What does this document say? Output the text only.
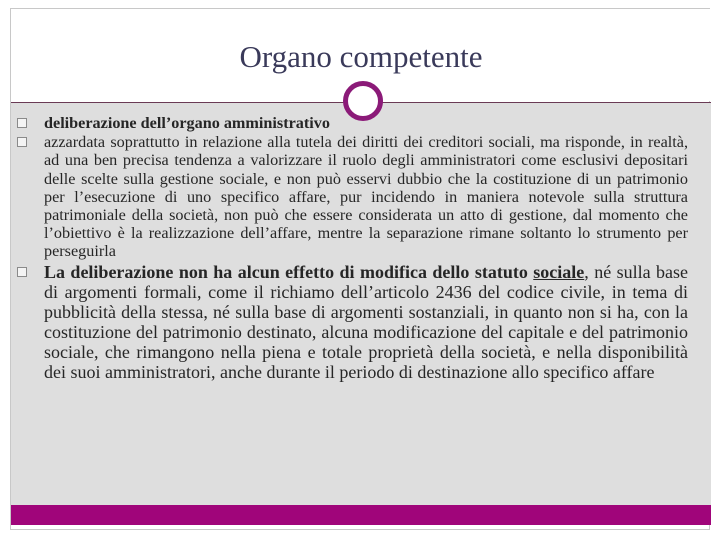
Organo competente
deliberazione dell’organo amministrativo
azzardata soprattutto in relazione alla tutela dei diritti dei creditori sociali, ma risponde, in realtà, ad una ben precisa tendenza a valorizzare il ruolo degli amministratori come esclusivi depositari delle scelte sulla gestione sociale, e non può esservi dubbio che la costituzione di un patrimonio per l’esecuzione di uno specifico affare, pur incidendo in maniera notevole sulla struttura patrimoniale della società, non può che essere considerata un atto di gestione, dal momento che l’obiettivo è la realizzazione dell’affare, mentre la separazione rimane soltanto lo strumento per perseguirla
La deliberazione non ha alcun effetto di modifica dello statuto sociale, né sulla base di argomenti formali, come il richiamo dell’articolo 2436 del codice civile, in tema di pubblicità della stessa, né sulla base di argomenti sostanziali, in quanto non si ha, con la costituzione del patrimonio destinato, alcuna modificazione del capitale e del patrimonio sociale, che rimangono nella piena e totale proprietà della società, e nella disponibilità dei suoi amministratori, anche durante il periodo di destinazione allo specifico affare
